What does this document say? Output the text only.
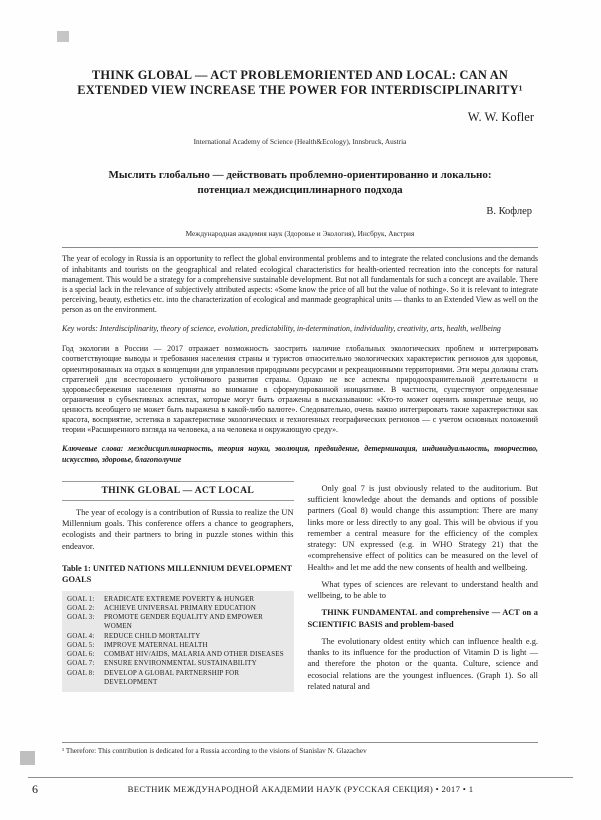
THINK GLOBAL — ACT PROBLEMORIENTED AND LOCAL: CAN AN
EXTENDED VIEW INCREASE THE POWER FOR INTERDISCIPLINARITY¹
W. W. Kofler
International Academy of Science (Health&Ecology), Innsbruck, Austria
Мыслить глобально — действовать проблемно-ориентированно и локально: потенциал междисциплинарного подхода
В. Кофлер
Международная академия наук (Здоровье и Экология), Инсбрук, Австрия

The year of ecology in Russia is an opportunity to reflect the global environmental problems and to integrate the related conclusions and the demands of inhabitants and tourists on the geographical and related ecological characteristics for health-oriented recreation into the concepts for natural management. This would be a strategy for a comprehensive sustainable development. But not all fundamentals for such a concept are available. There is a special lack in the relevance of subjectively attributed aspects: «Some know the price of all but the value of nothing». So it is relevant to integrate perceiving, beauty, esthetics etc. into the characterization of ecological and manmade geographical units — thanks to an Extended View as well on the person as on the environment.

Key words: Interdisciplinarity, theory of science, evolution, predictability, in-determination, individuality, creativity, arts, health, wellbeing

Год экологии в России — 2017 отражает возможность заострить наличие глобальных экологических проблем и интегрировать соответствующие выводы и требования населения страны и туристов относительно экологических характеристик регионов для здоровья, ориентированных на отдых в концепции для управления природными ресурсами и рекреационными территориями. Эти меры должны стать стратегией для всестороннего устойчивого развития страны. Однако не все аспекты природоохранительной деятельности и здоровьесбережения населения приняты во внимание в сформулированной инициативе. В частности, существуют определенные ограничения в субъективных аспектах, которые могут быть отражены в высказывании: «Кто-то может оценить конкретные вещи, но ценность всеобщего не может быть выражена в какой-либо валюте». Следовательно, очень важно интегрировать такие характеристики как красота, восприятие, эстетика в характеристике экологических и техногенных географических регионов — с учетом основных положений теории «Расширенного взгляда на человека, а на человека и окружающую среду».

Ключевые слова: междисциплинарность, теория науки, эволюция, предвидение, детерминация, индивидуальность, творчество, искусство, здоровье, благополучие

THINK GLOBAL — ACT LOCAL

The year of ecology is a contribution of Russia to realize the UN Millennium goals. This conference offers a chance to geographers, ecologists and their partners to bring in puzzle stones within this endeavor.

Table 1: UNITED NATIONS MILLENNIUM DEVELOPMENT GOALS
GOAL 1:	ERADICATE EXTREME POVERTY & HUNGER
GOAL 2:	ACHIEVE UNIVERSAL PRIMARY EDUCATION
GOAL 3:	PROMOTE GENDER EQUALITY AND EMPOWER WOMEN
GOAL 4:	REDUCE CHILD MORTALITY
GOAL 5:	IMPROVE MATERNAL HEALTH
GOAL 6:	COMBAT HIV/AIDS, MALARIA AND OTHER DISEASES
GOAL 7:	ENSURE ENVIRONMENTAL SUSTAINABILITY
GOAL 8:	DEVELOP A GLOBAL PARTNERSHIP FOR DEVELOPMENT

Only goal 7 is just obviously related to the auditorium. But sufficient knowledge about the demands and options of possible partners (Goal 8) would change this assumption: There are many links more or less directly to any goal. This will be obvious if you remember a central measure for the efficiency of the complex strategy: UN expressed (e.g. in WHO Strategy 21) that the «comprehensive effect of politics can be measured on the level of Health» and let me add the new consents of health and wellbeing.

What types of sciences are relevant to understand health and wellbeing, to be able to

THINK FUNDAMENTAL and comprehensive — ACT on a SCIENTIFIC BASIS and problem-based

The evolutionary oldest entity which can influence health e.g. thanks to its influence for the production of Vitamin D is light — and therefore the photon or the quanta. Culture, science and ecosocial relations are the youngest influences. (Graph 1). So all related natural and

¹ Therefore: This contribution is dedicated for a Russia according to the visions of Stanislav N. Glazachev
6	ВЕСТНИК МЕЖДУНАРОДНОЙ АКАДЕМИИ НАУК (РУССКАЯ СЕКЦИЯ) • 2017 • 1
